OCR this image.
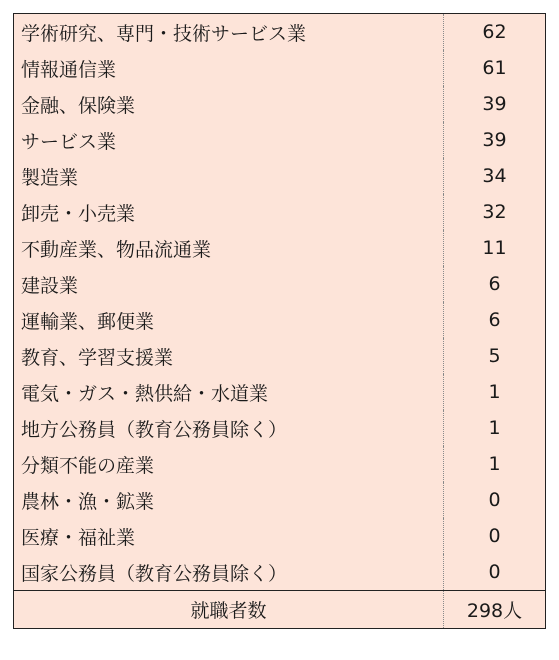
学術研究、専門・技術サービス業	62
情報通信業	61
金融、保険業	39
サービス業	39
製造業	34
卸売・小売業	32
不動産業、物品流通業	11
建設業	6
運輸業、郵便業	6
教育、学習支援業	5
電気・ガス・熱供給・水道業	1
地方公務員（教育公務員除く）	1
分類不能の産業	1
農林・漁・鉱業	0
医療・福祉業	0
国家公務員（教育公務員除く）	0
就職者数	298人
